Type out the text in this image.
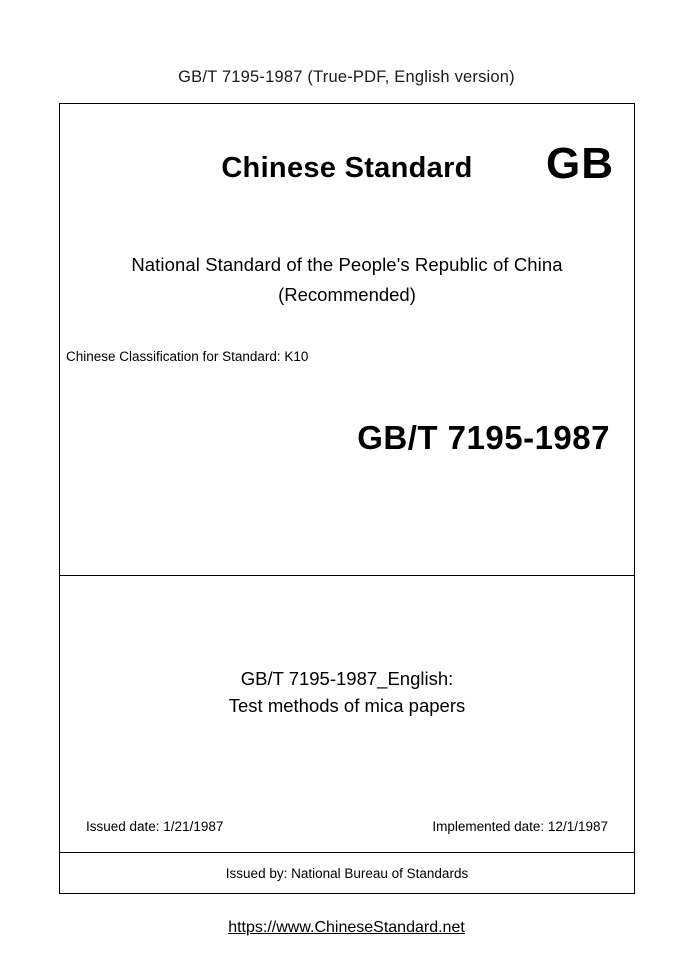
GB/T 7195-1987 (True-PDF, English version)
Chinese Standard	GB
National Standard of the People's Republic of China
(Recommended)
Chinese Classification for Standard: K10
GB/T 7195-1987
GB/T 7195-1987_English:
Test methods of mica papers
Issued date: 1/21/1987	Implemented date: 12/1/1987
Issued by: National Bureau of Standards
https://www.ChineseStandard.net
